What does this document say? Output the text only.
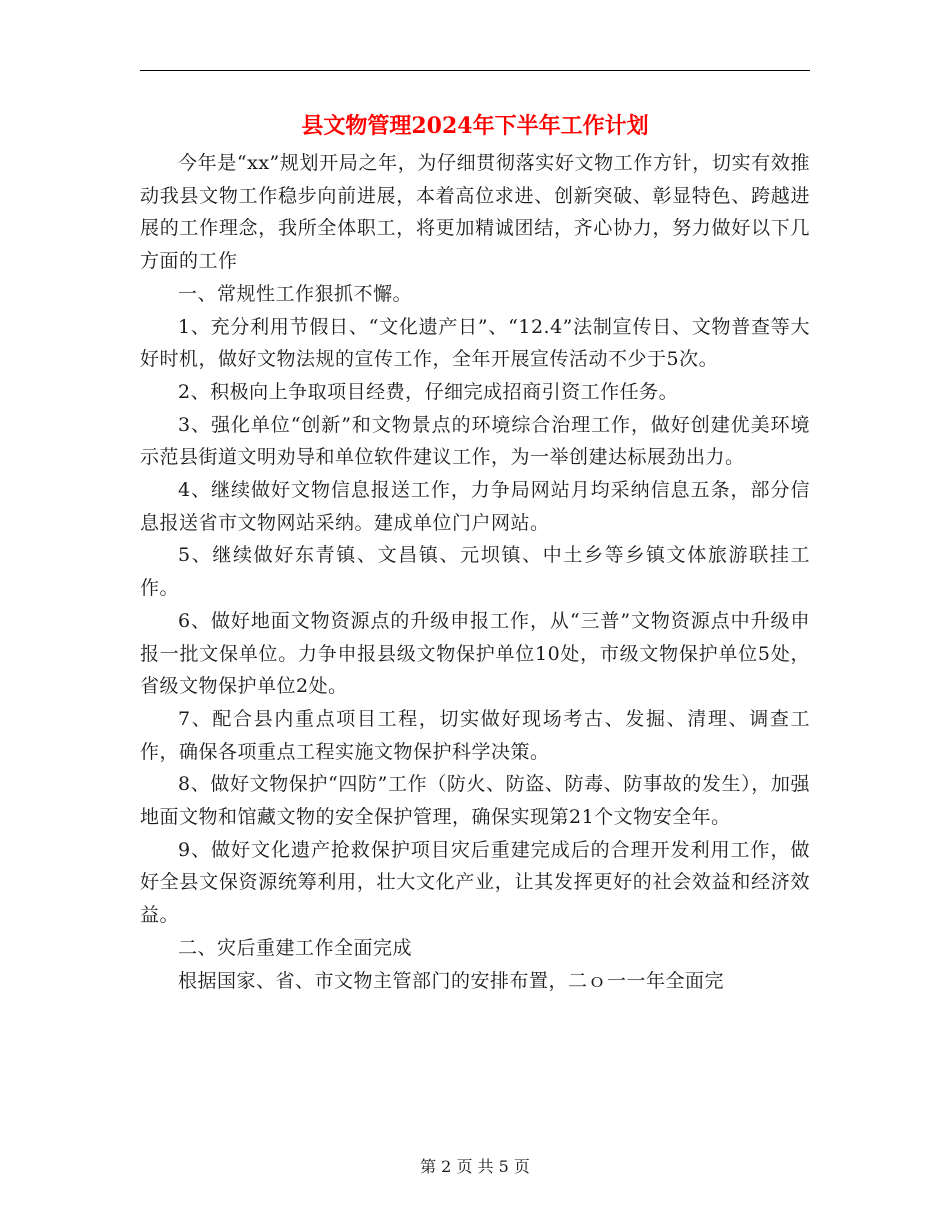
县文物管理2024年下半年工作计划

今年是“xx”规划开局之年，为仔细贯彻落实好文物工作方针，切实有效推动我县文物工作稳步向前进展，本着高位求进、创新突破、彰显特色、跨越进展的工作理念，我所全体职工，将更加精诚团结，齐心协力，努力做好以下几方面的工作

一、常规性工作狠抓不懈。

1、充分利用节假日、“文化遗产日”、“12.4”法制宣传日、文物普查等大好时机，做好文物法规的宣传工作，全年开展宣传活动不少于5次。

2、积极向上争取项目经费，仔细完成招商引资工作任务。

3、强化单位“创新”和文物景点的环境综合治理工作，做好创建优美环境示范县街道文明劝导和单位软件建议工作，为一举创建达标展劲出力。

4、继续做好文物信息报送工作，力争局网站月均采纳信息五条，部分信息报送省市文物网站采纳。建成单位门户网站。

5、继续做好东青镇、文昌镇、元坝镇、中土乡等乡镇文体旅游联挂工作。

6、做好地面文物资源点的升级申报工作，从“三普”文物资源点中升级申报一批文保单位。力争申报县级文物保护单位10处，市级文物保护单位5处，省级文物保护单位2处。

7、配合县内重点项目工程，切实做好现场考古、发掘、清理、调查工作，确保各项重点工程实施文物保护科学决策。

8、做好文物保护“四防”工作（防火、防盗、防毒、防事故的发生），加强地面文物和馆藏文物的安全保护管理，确保实现第21个文物安全年。

9、做好文化遗产抢救保护项目灾后重建完成后的合理开发利用工作，做好全县文保资源统筹利用，壮大文化产业，让其发挥更好的社会效益和经济效益。

二、灾后重建工作全面完成

根据国家、省、市文物主管部门的安排布置，二ｏ一一年全面完

第 2 页 共 5 页
